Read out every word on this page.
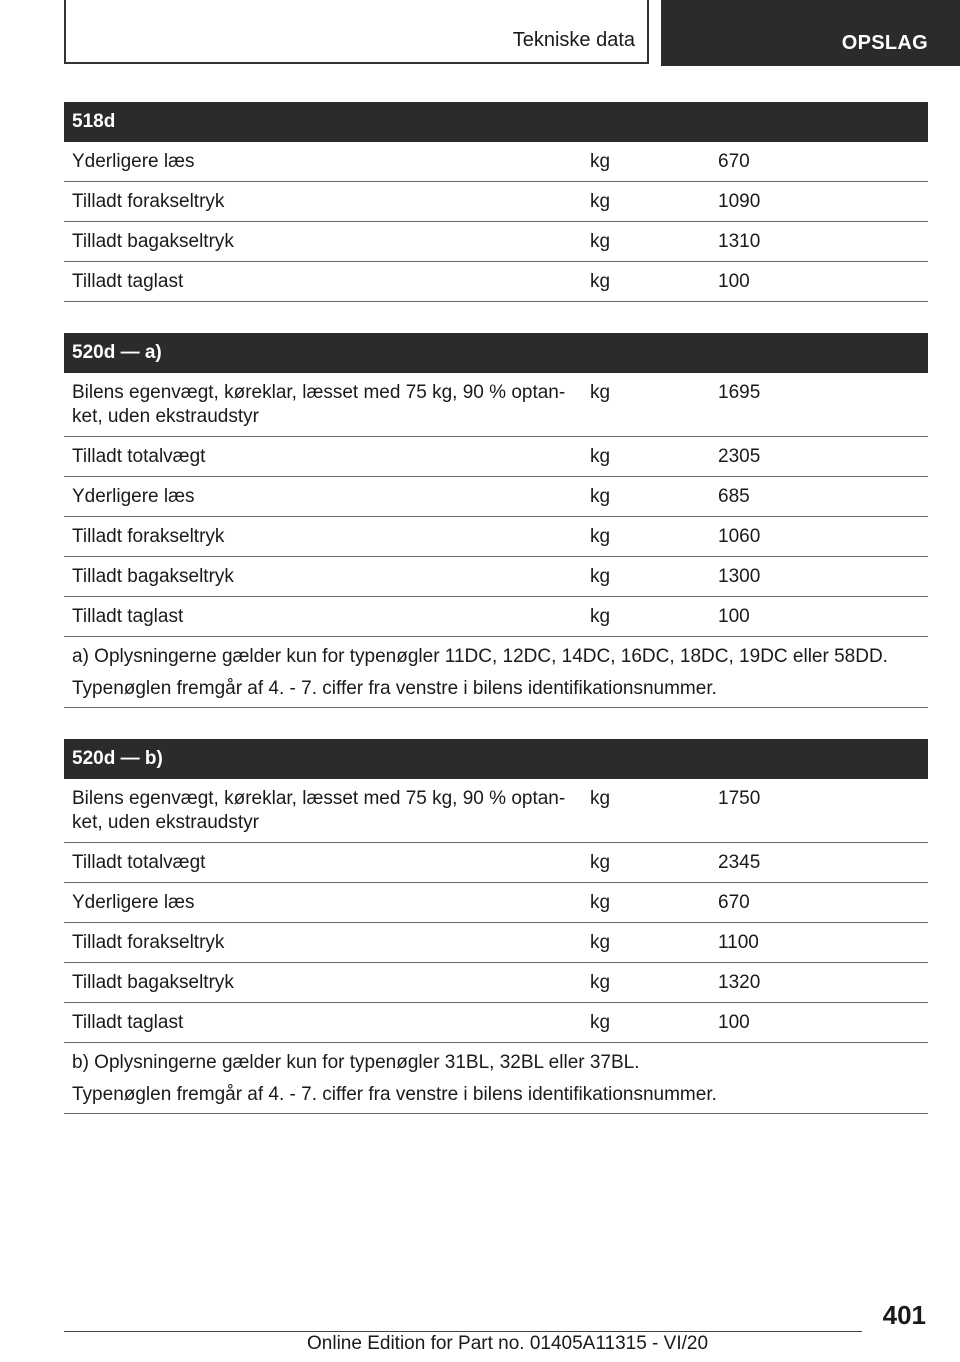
Tekniske data	OPSLAG
518d		
Yderligere læs	kg	670
Tilladt forakseltryk	kg	1090
Tilladt bagakseltryk	kg	1310
Tilladt taglast	kg	100
520d — a)		
Bilens egenvægt, køreklar, læsset med 75 kg, 90 % optan-ket, uden ekstraudstyr	kg	1695
Tilladt totalvægt	kg	2305
Yderligere læs	kg	685
Tilladt forakseltryk	kg	1060
Tilladt bagakseltryk	kg	1300
Tilladt taglast	kg	100

a) Oplysningerne gælder kun for typenøgler 11DC, 12DC, 14DC, 16DC, 18DC, 19DC eller 58DD.

Typenøglen fremgår af 4. - 7. ciffer fra venstre i bilens identifikationsnummer.		

520d — b)		
Bilens egenvægt, køreklar, læsset med 75 kg, 90 % optan-ket, uden ekstraudstyr	kg	1750
Tilladt totalvægt	kg	2345
Yderligere læs	kg	670
Tilladt forakseltryk	kg	1100
Tilladt bagakseltryk	kg	1320
Tilladt taglast	kg	100

b) Oplysningerne gælder kun for typenøgler 31BL, 32BL eller 37BL.

Typenøglen fremgår af 4. - 7. ciffer fra venstre i bilens identifikationsnummer.		

401
Online Edition for Part no. 01405A11315 - VI/20
